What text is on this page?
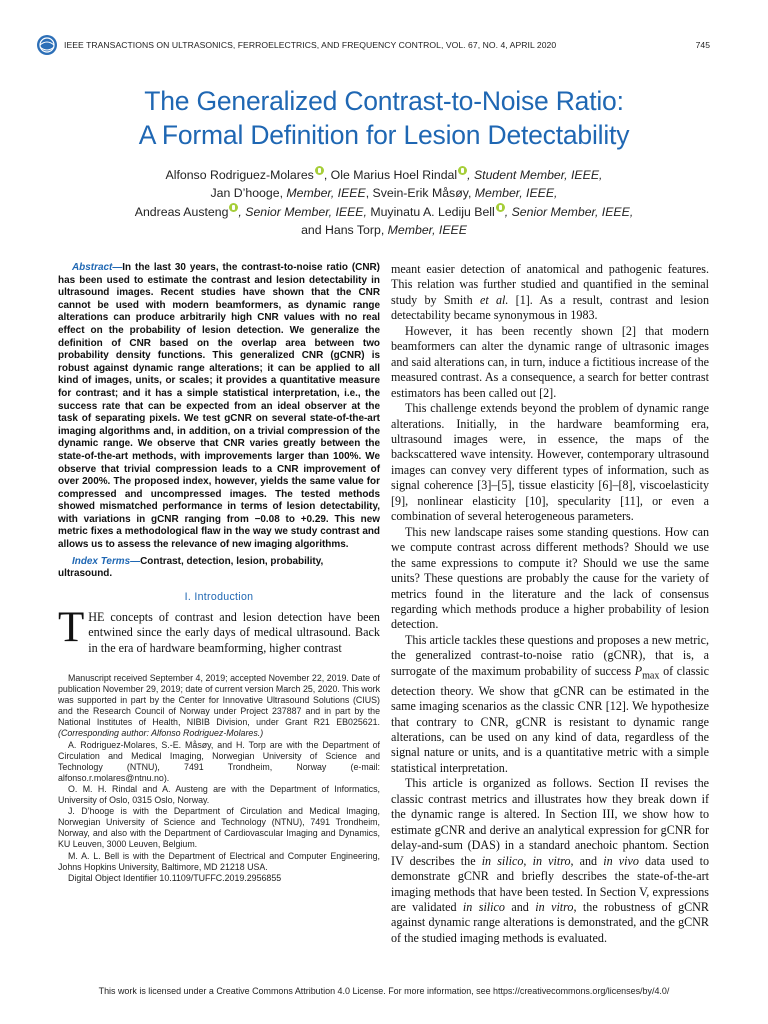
IEEE TRANSACTIONS ON ULTRASONICS, FERROELECTRICS, AND FREQUENCY CONTROL, VOL. 67, NO. 4, APRIL 2020	745
The Generalized Contrast-to-Noise Ratio:
A Formal Definition for Lesion Detectability
Alfonso Rodriguez-Molares , Ole Marius Hoel Rindal , Student Member, IEEE,
Jan D’hooge, Member, IEEE, Svein-Erik Måsøy, Member, IEEE,
Andreas Austeng , Senior Member, IEEE, Muyinatu A. Lediju Bell , Senior Member, IEEE,
and Hans Torp, Member, IEEE

Abstract—In the last 30 years, the contrast-to-noise ratio (CNR) has been used to estimate the contrast and lesion detectability in ultrasound images. Recent studies have shown that the CNR cannot be used with modern beamformers, as dynamic range alterations can produce arbitrarily high CNR values with no real effect on the probability of lesion detection. We generalize the definition of CNR based on the overlap area between two probability density functions. This generalized CNR (gCNR) is robust against dynamic range alterations; it can be applied to all kind of images, units, or scales; it provides a quantitative measure for contrast; and it has a simple statistical interpretation, i.e., the success rate that can be expected from an ideal observer at the task of separating pixels. We test gCNR on several state-of-the-art imaging algorithms and, in addition, on a trivial compression of the dynamic range. We observe that CNR varies greatly between the state-of-the-art methods, with improvements larger than 100%. We observe that trivial compression leads to a CNR improvement of over 200%. The proposed index, however, yields the same value for compressed and uncompressed images. The tested methods showed mismatched performance in terms of lesion detectability, with variations in gCNR ranging from −0.08 to +0.29. This new metric fixes a methodological flaw in the way we study contrast and allows us to assess the relevance of new imaging algorithms.

Index Terms—Contrast, detection, lesion, probability, ultrasound.

I. Introduction

THE concepts of contrast and lesion detection have been entwined since the early days of medical ultrasound. Back in the era of hardware beamforming, higher contrast

Manuscript received September 4, 2019; accepted November 22, 2019. Date of publication November 29, 2019; date of current version March 25, 2020. This work was supported in part by the Center for Innovative Ultrasound Solutions (CIUS) and the Research Council of Norway under Project 237887 and in part by the National Institutes of Health, NIBIB Division, under Grant R21 EB025621. (Corresponding author: Alfonso Rodriguez-Molares.)

A. Rodriguez-Molares, S.-E. Måsøy, and H. Torp are with the Department of Circulation and Medical Imaging, Norwegian University of Science and Technology (NTNU), 7491 Trondheim, Norway (e-mail: alfonso.r.molares@ntnu.no).

O. M. H. Rindal and A. Austeng are with the Department of Informatics, University of Oslo, 0315 Oslo, Norway.

J. D’hooge is with the Department of Circulation and Medical Imaging, Norwegian University of Science and Technology (NTNU), 7491 Trondheim, Norway, and also with the Department of Cardiovascular Imaging and Dynamics, KU Leuven, 3000 Leuven, Belgium.

M. A. L. Bell is with the Department of Electrical and Computer Engineering, Johns Hopkins University, Baltimore, MD 21218 USA.

Digital Object Identifier 10.1109/TUFFC.2019.2956855

meant easier detection of anatomical and pathogenic features. This relation was further studied and quantified in the seminal study by Smith et al. [1]. As a result, contrast and lesion detectability became synonymous in 1983.

However, it has been recently shown [2] that modern beamformers can alter the dynamic range of ultrasonic images and said alterations can, in turn, induce a fictitious increase of the measured contrast. As a consequence, a search for better contrast estimators has been called out [2].

This challenge extends beyond the problem of dynamic range alterations. Initially, in the hardware beamforming era, ultrasound images were, in essence, the maps of the backscattered wave intensity. However, contemporary ultrasound images can convey very different types of information, such as signal coherence [3]–[5], tissue elasticity [6]–[8], viscoelasticity [9], nonlinear elasticity [10], specularity [11], or even a combination of several heterogeneous parameters.

This new landscape raises some standing questions. How can we compute contrast across different methods? Should we use the same expressions to compute it? Should we use the same units? These questions are probably the cause for the variety of metrics found in the literature and the lack of consensus regarding which methods produce a higher probability of lesion detection.

This article tackles these questions and proposes a new metric, the generalized contrast-to-noise ratio (gCNR), that is, a surrogate of the maximum probability of success $P_{max}$ of classic detection theory. We show that gCNR can be estimated in the same imaging scenarios as the classic CNR [12]. We hypothesize that contrary to CNR, gCNR is resistant to dynamic range alterations, can be used on any kind of data, regardless of the signal nature or units, and is a quantitative metric with a simple statistical interpretation.

This article is organized as follows. Section II revises the classic contrast metrics and illustrates how they break down if the dynamic range is altered. In Section III, we show how to estimate gCNR and derive an analytical expression for gCNR for delay-and-sum (DAS) in a standard anechoic phantom. Section IV describes the in silico, in vitro, and in vivo data used to demonstrate gCNR and briefly describes the state-of-the-art imaging methods that have been tested. In Section V, expressions are validated in silico and in vitro, the robustness of gCNR against dynamic range alterations is demonstrated, and the gCNR of the studied imaging methods is evaluated.

This work is licensed under a Creative Commons Attribution 4.0 License. For more information, see https://creativecommons.org/licenses/by/4.0/
